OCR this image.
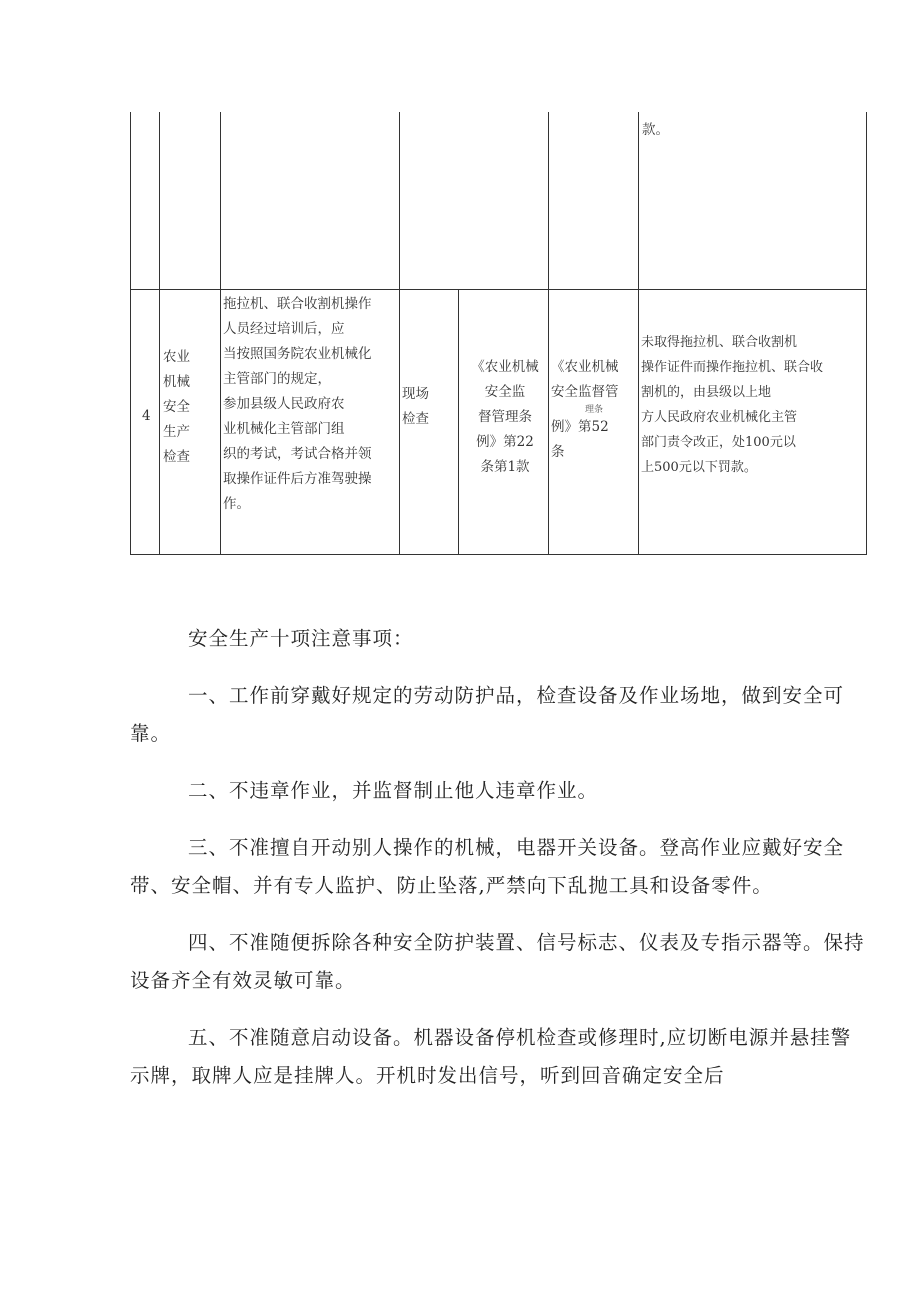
款。
4
农业
机械
安全
生产
检查
拖拉机、联合收割机操作
人员经过培训后，应
当按照国务院农业机械化
主管部门的规定，
参加县级人民政府农
业机械化主管部门组
织的考试，考试合格并领
取操作证件后方准驾驶操
作。
现场
检查
《农业机械
安全监
督管理条
例》第22
条第1款
《农业机械
安全监督管
理条
例》第52
条
未取得拖拉机、联合收割机
操作证件而操作拖拉机、联合收
割机的，由县级以上地
方人民政府农业机械化主管
部门责令改正，处100元以
上500元以下罚款。

安全生产十项注意事项：

一、工作前穿戴好规定的劳动防护品，检查设备及作业场地，做到安全可靠。

二、不违章作业，并监督制止他人违章作业。

三、不准擅自开动别人操作的机械，电器开关设备。登高作业应戴好安全带、安全帽、并有专人监护、防止坠落,严禁向下乱抛工具和设备零件。

四、不准随便拆除各种安全防护装置、信号标志、仪表及专指示器等。保持设备齐全有效灵敏可靠。

五、不准随意启动设备。机器设备停机检查或修理时,应切断电源并悬挂警示牌，取牌人应是挂牌人。开机时发出信号，听到回音确定安全后
